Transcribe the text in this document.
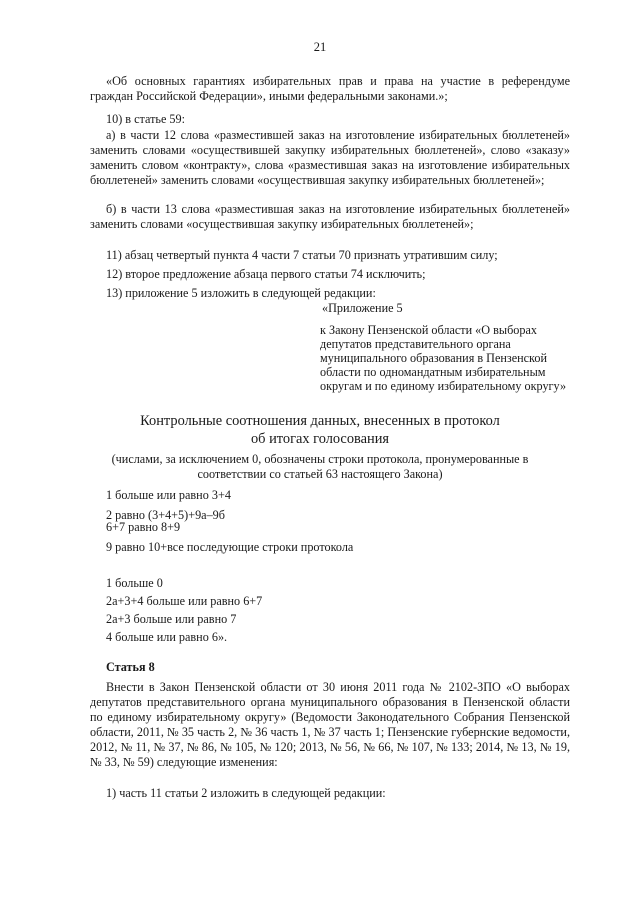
21
«Об основных гарантиях избирательных прав и права на участие в референдуме граждан Российской Федерации», иными федеральными законами.»;
10) в статье 59:
а) в части 12 слова «разместившей заказ на изготовление избирательных бюллетеней» заменить словами «осуществившей закупку избирательных бюллетеней», слово «заказу» заменить словом «контракту», слова «разместившая заказ на изготовление избирательных бюллетеней» заменить словами «осуществившая закупку избирательных бюллетеней»;
б) в части 13 слова «разместившая заказ на изготовление избирательных бюллетеней» заменить словами «осуществившая закупку избирательных бюллетеней»;
11) абзац четвертый пункта 4 части 7 статьи 70 признать утратившим силу;
12) второе предложение абзаца первого статьи 74 исключить;
13) приложение 5 изложить в следующей редакции:
«Приложение 5
к Закону Пензенской области «О выборах депутатов представительного органа муниципального образования в Пензенской области по одномандатным избирательным округам и по единому избирательному округу»
Контрольные соотношения данных, внесенных в протокол
об итогах голосования
(числами, за исключением 0, обозначены строки протокола, пронумерованные в соответствии со статьей 63 настоящего Закона)
1 больше или равно 3+4
2 равно (3+4+5)+9а–9б
6+7 равно 8+9
9 равно 10+все последующие строки протокола
1 больше 0
2а+3+4 больше или равно 6+7
2а+3 больше или равно 7
4 больше или равно 6».
Статья 8
Внести в Закон Пензенской области от 30 июня 2011 года № 2102-ЗПО «О выборах депутатов представительного органа муниципального образования в Пензенской области по единому избирательному округу» (Ведомости Законодательного Собрания Пензенской области, 2011, № 35 часть 2, № 36 часть 1, № 37 часть 1; Пензенские губернские ведомости, 2012, № 11, № 37, № 86, № 105, № 120; 2013, № 56, № 66, № 107, № 133; 2014, № 13, № 19, № 33, № 59) следующие изменения:
1) часть 11 статьи 2 изложить в следующей редакции:
